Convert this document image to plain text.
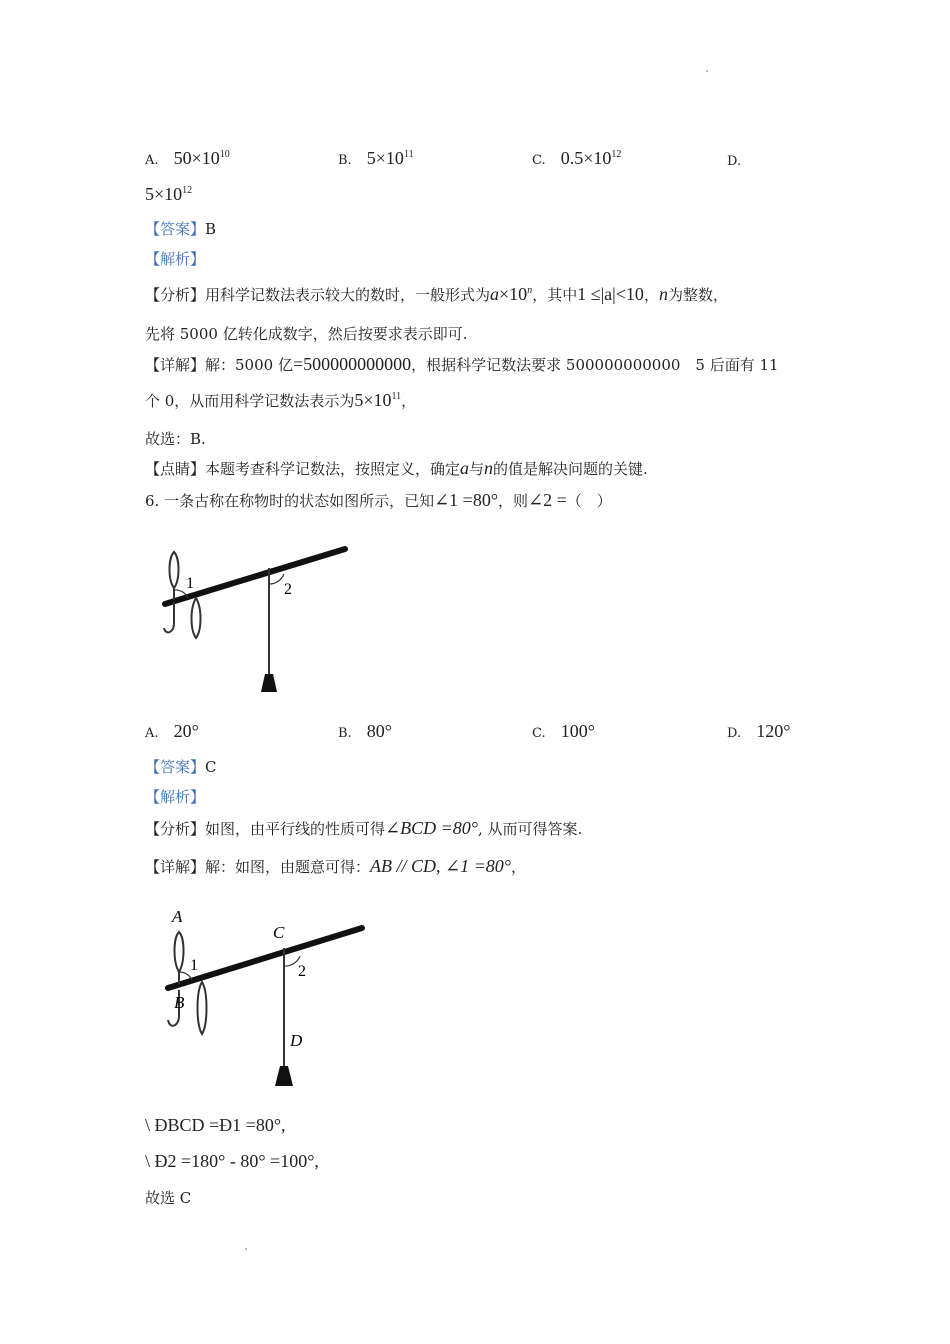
A. $50\times 10^{10}$	B. $5\times 10^{11}$	C. $0.5\times 10^{12}$	D.
$5\times 10^{12}$
【答案】B
【解析】
【分析】用科学记数法表示较大的数时，一般形式为$a\times 10^n$，其中1 ≤|a|<10，n为整数，
先将 5000 亿转化成数字，然后按要求表示即可.
【详解】解：5000 亿=500000000000，根据科学记数法要求 500000000000　5 后面有 11
个 0，从而用科学记数法表示为$5\times 10^{11}$，
故选：B.
【点睛】本题考查科学记数法，按照定义，确定a与n的值是解决问题的关键.
6. 一条古称在称物时的状态如图所示，已知∠1 =80°，则∠2 =（　）
1	2
A. 20°	B. 80°	C. 100°	D. 120°
【答案】C
【解析】
【分析】如图，由平行线的性质可得∠BCD =80°, 从而可得答案.
【详解】解：如图，由题意可得：AB // CD, ∠1 =80°，
A
C
B
1	2
D
\ ÐBCD =Ð1 =80°,
\ Ð2 =180° - 80° =100°,
故选 C
